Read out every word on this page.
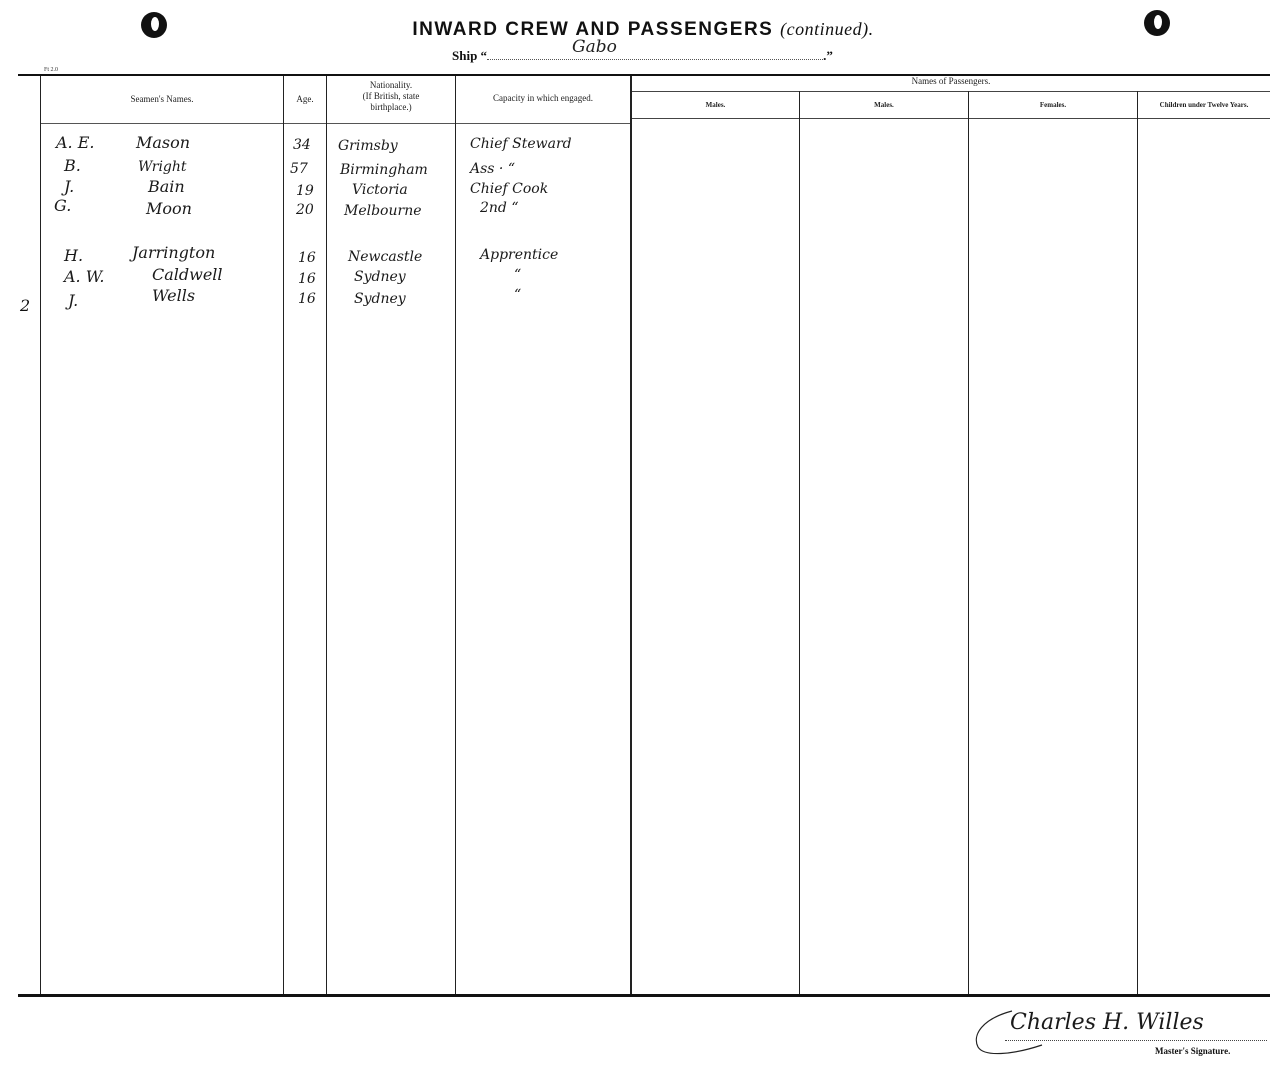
INWARD CREW AND PASSENGERS (continued).
Ship “	.”
Gabo
Ft 2.0
Seamen's Names.	Age.
Nationality.
(If British, state
birthplace.)
Capacity in which engaged.
Names of Passengers.
Males.	Males.	Females.	Children under Twelve Years.
A. E.	Mason	34 Grimsby	Chief Steward
B.	Wright	57 Birmingham	Ass · “
J.	Bain	19	Victoria	Chief Cook
G.	Moon	20 Melbourne	2nd “
H.	Jarrington	16 Newcastle	Apprentice
A. W.	Caldwell	16	Sydney	“
J.	Wells	16	Sydney	“
2
Charles H. Willes
Master's Signature.
